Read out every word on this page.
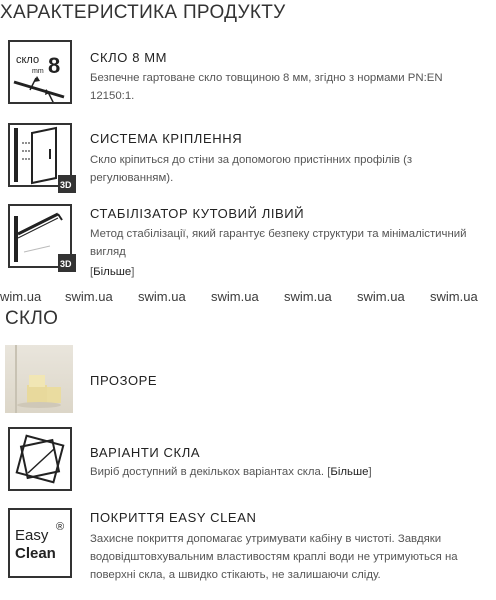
ХАРАКТЕРИСТИКА ПРОДУКТУ
скло
mm 8 СКЛО 8 ММ
Безпечне гартоване скло товщиною 8 мм, згідно з нормами PN:EN 12150:1.
3D
СИСТЕМА КРІПЛЕННЯ
Скло кріпиться до стіни за допомогою пристінних профілів (з регулюванням).
3D
СТАБІЛІЗАТОР КУТОВИЙ ЛІВИЙ
Метод стабілізації, який гарантує безпеку структури та мінімалістичний вигляд
[Більше]
wim.ua swim.ua swim.ua swim.ua swim.ua swim.ua swim.ua
СКЛО
ПРОЗОРЕ
ВАРІАНТИ СКЛА
Виріб доступний в декількох варіантах скла. [Більше]
Easy
Clean
®
ПОКРИТТЯ EASY CLEAN
Захисне покриття допомагає утримувати кабіну в чистоті. Завдяки водовідштовхувальним властивостям краплі води не утримуються на поверхні скла, а швидко стікають, не залишаючи сліду.
